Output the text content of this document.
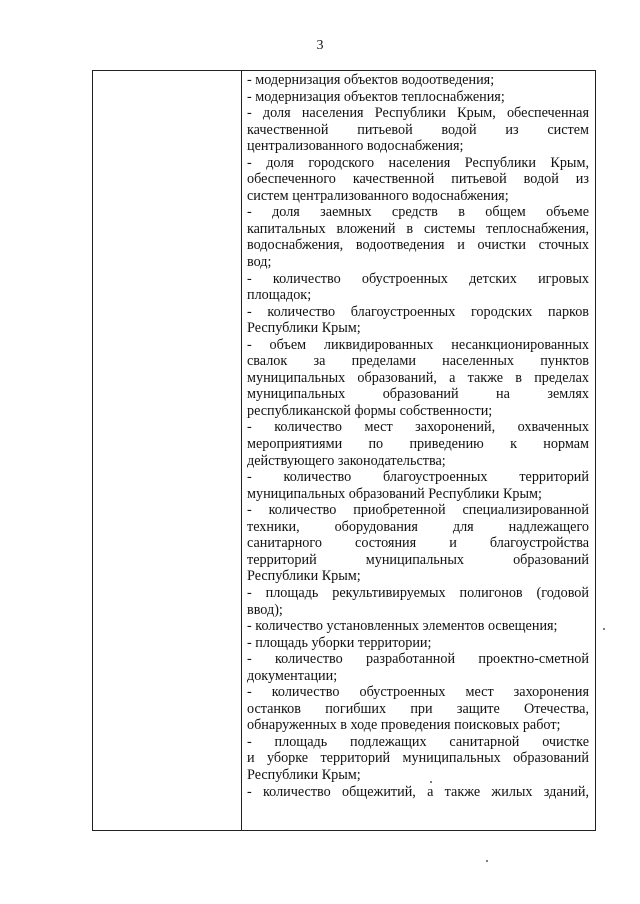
3
- модернизация объектов водоотведения;
- модернизация объектов теплоснабжения;
- доля населения Республики Крым, обеспеченная
качественной питьевой водой из систем
централизованного водоснабжения;
- доля городского населения Республики Крым,
обеспеченного качественной питьевой водой из
систем централизованного водоснабжения;
- доля заемных средств в общем объеме
капитальных вложений в системы теплоснабжения,
водоснабжения, водоотведения и очистки сточных
вод;
- количество обустроенных детских игровых
площадок;
- количество благоустроенных городских парков
Республики Крым;
- объем ликвидированных несанкционированных
свалок за пределами населенных пунктов
муниципальных образований, а также в пределах
муниципальных образований на землях
республиканской формы собственности;
- количество мест захоронений, охваченных
мероприятиями по приведению к нормам
действующего законодательства;
- количество благоустроенных территорий
муниципальных образований Республики Крым;
- количество приобретенной специализированной
техники, оборудования для надлежащего
санитарного состояния и благоустройства
территорий муниципальных образований
Республики Крым;
- площадь рекультивируемых полигонов (годовой
ввод);
- количество установленных элементов освещения;
- площадь уборки территории;
- количество разработанной проектно-сметной
документации;
- количество обустроенных мест захоронения
останков погибших при защите Отечества,
обнаруженных в ходе проведения поисковых работ;
- площадь подлежащих санитарной очистке
и уборке территорий муниципальных образований
Республики Крым;
- количество общежитий, а также жилых зданий,
